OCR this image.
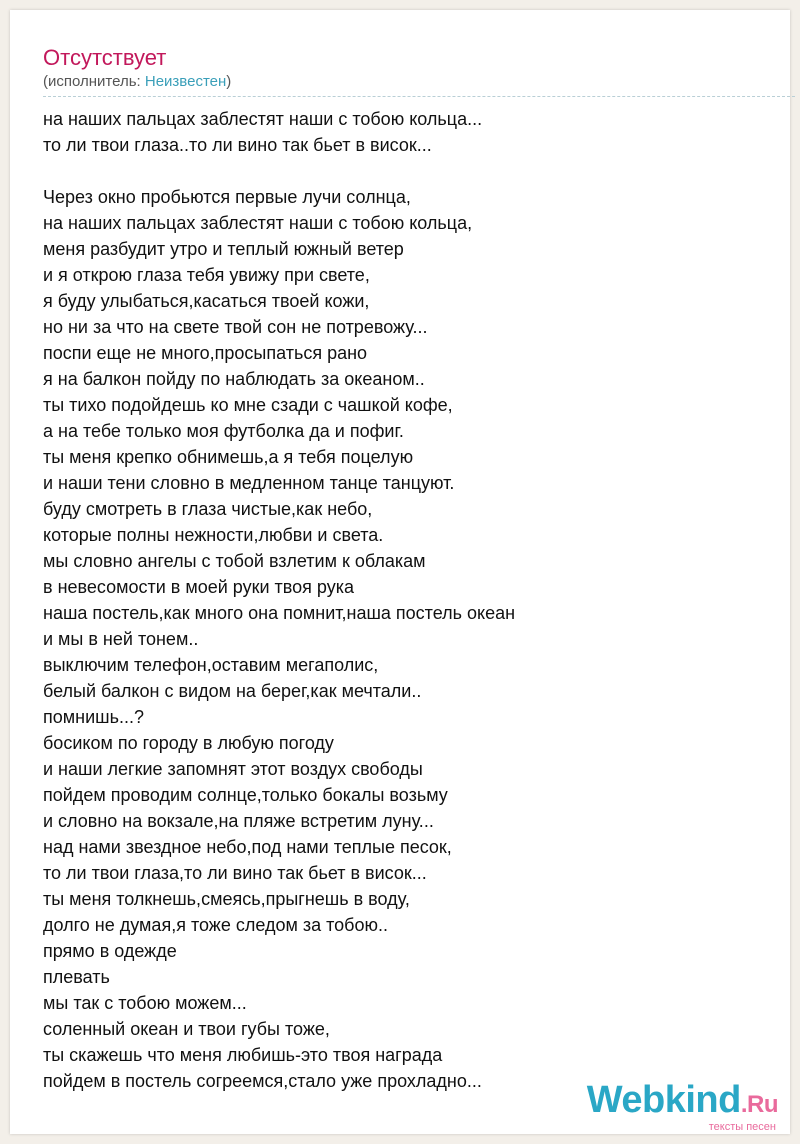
Отсутствует
(исполнитель: Неизвестен)
на наших пальцах заблестят наши с тобою кольца...
то ли твои глаза..то ли вино так бьет в висок...
Через окно пробьются первые лучи солнца,
на наших пальцах заблестят наши с тобою кольца,
меня разбудит утро и теплый южный ветер
и я открою глаза тебя увижу при свете,
я буду улыбаться,касаться твоей кожи,
но ни за что на свете твой сон не потревожу...
поспи еще не много,просыпаться рано
я на балкон пойду по наблюдать за океаном..
ты тихо подойдешь ко мне сзади с чашкой кофе,
а на тебе только моя футболка да и пофиг.
ты меня крепко обнимешь,а я тебя поцелую
и наши тени словно в медленном танце танцуют.
буду смотреть в глаза чистые,как небо,
которые полны нежности,любви и света.
мы словно ангелы с тобой взлетим к облакам
в невесомости в моей руки твоя рука
наша постель,как много она помнит,наша постель океан
и мы в ней тонем..
выключим телефон,оставим мегаполис,
белый балкон с видом на берег,как мечтали..
помнишь...?
босиком по городу в любую погоду
и наши легкие запомнят этот воздух свободы
пойдем проводим солнце,только бокалы возьму
и словно на вокзале,на пляже встретим луну...
над нами звездное небо,под нами теплые песок,
то ли твои глаза,то ли вино так бьет в висок...
ты меня толкнешь,смеясь,прыгнешь в воду,
долго не думая,я тоже следом за тобою..
прямо в одежде
плевать
мы так с тобою можем...
соленный океан и твои губы тоже,
ты скажешь что меня любишь-это твоя награда
пойдем в постель согреемся,стало уже прохладно...	Webkind.Ru
тексты песен
